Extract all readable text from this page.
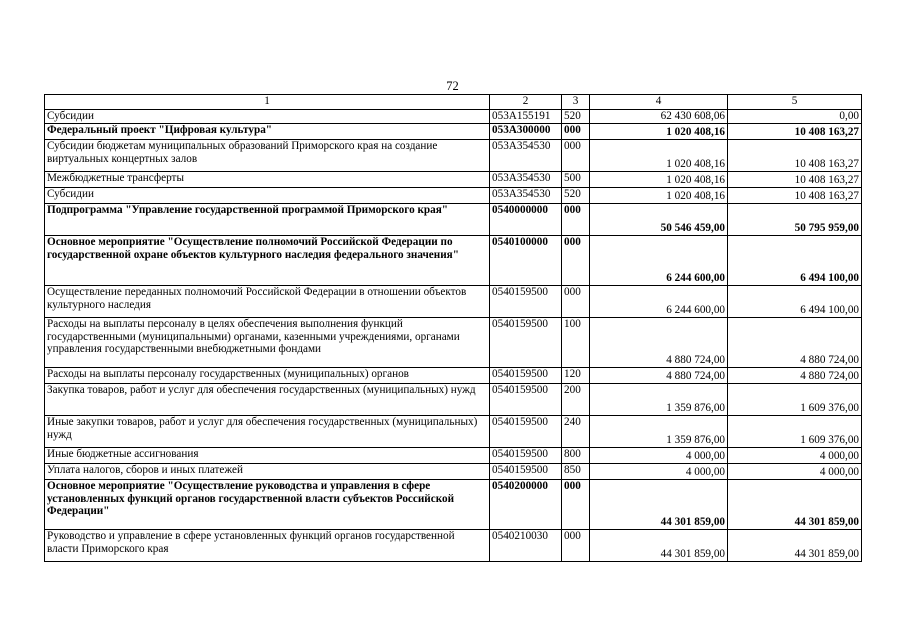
72
1	2	3	4	5
Субсидии	053A155191	520	62 430 608,06	0,00
Федеральный проект "Цифровая культура"	053A300000	000	1 020 408,16	10 408 163,27
Субсидии бюджетам муниципальных образований Приморского края на создание виртуальных концертных залов	053A354530	000	1 020 408,16	10 408 163,27
Межбюджетные трансферты	053A354530	500	1 020 408,16	10 408 163,27
Субсидии	053A354530	520	1 020 408,16	10 408 163,27
Подпрограмма "Управление государственной программой Приморского края"	0540000000	000	50 546 459,00	50 795 959,00
Основное мероприятие "Осуществление полномочий Российской Федерации по государственной охране объектов культурного наследия федерального значения"	0540100000	000	6 244 600,00	6 494 100,00
Осуществление переданных полномочий Российской Федерации в отношении объектов культурного наследия	0540159500	000	6 244 600,00	6 494 100,00
Расходы на выплаты персоналу в целях обеспечения выполнения функций государственными (муниципальными) органами, казенными учреждениями, органами управления государственными внебюджетными фондами	0540159500	100	4 880 724,00	4 880 724,00
Расходы на выплаты персоналу государственных (муниципальных) органов	0540159500	120	4 880 724,00	4 880 724,00
Закупка товаров, работ и услуг для обеспечения государственных (муниципальных) нужд	0540159500	200	1 359 876,00	1 609 376,00
Иные закупки товаров, работ и услуг для обеспечения государственных (муниципальных) нужд	0540159500	240	1 359 876,00	1 609 376,00
Иные бюджетные ассигнования	0540159500	800	4 000,00	4 000,00
Уплата налогов, сборов и иных платежей	0540159500	850	4 000,00	4 000,00
Основное мероприятие "Осуществление руководства и управления в сфере установленных функций органов государственной власти субъектов Российской Федерации"	0540200000	000	44 301 859,00	44 301 859,00
Руководство и управление в сфере установленных функций органов государственной власти Приморского края	0540210030	000	44 301 859,00	44 301 859,00
